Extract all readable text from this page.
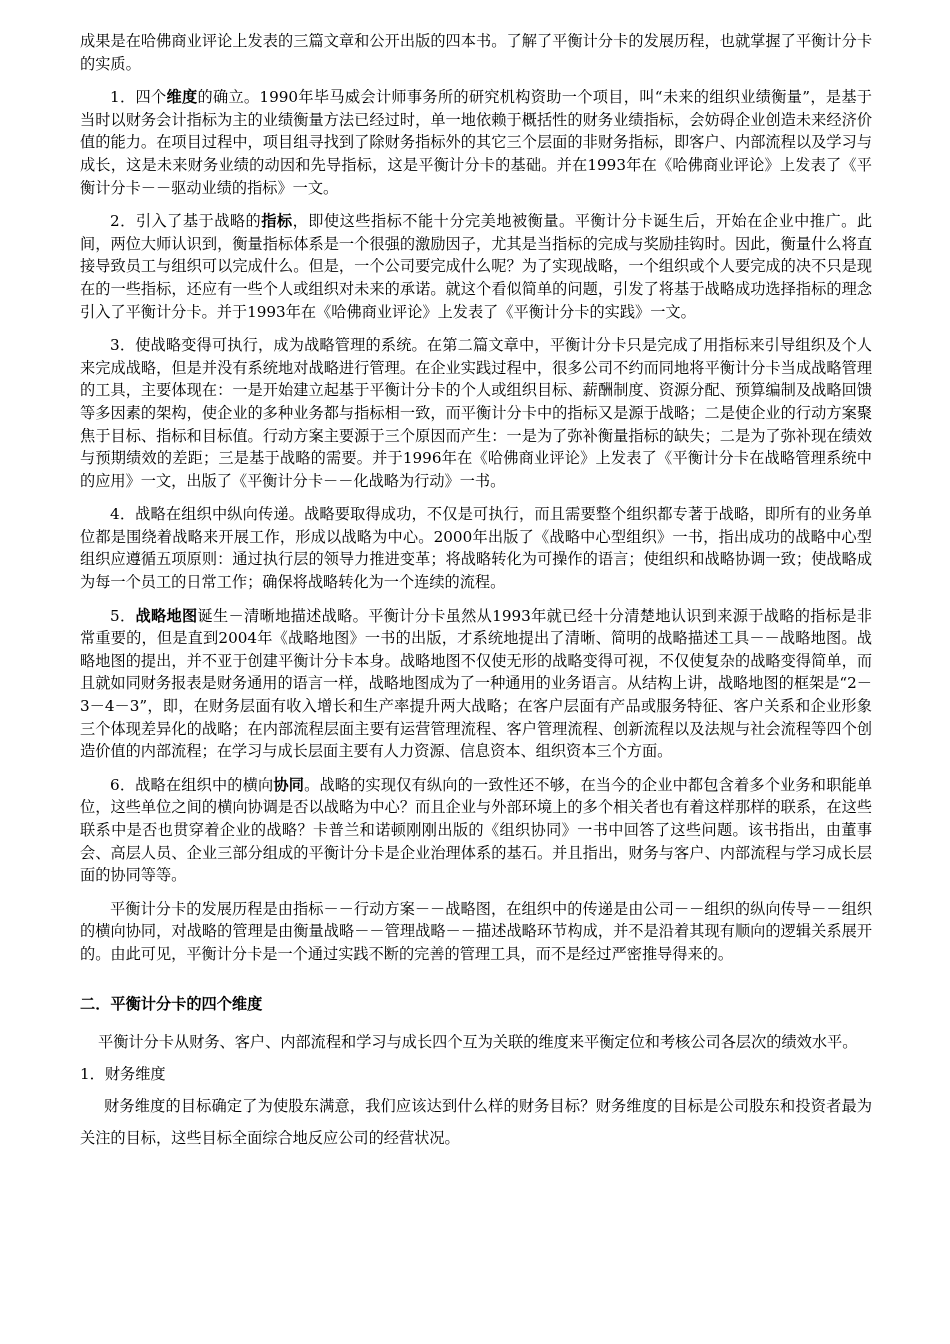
成果是在哈佛商业评论上发表的三篇文章和公开出版的四本书。了解了平衡计分卡的发展历程，也就掌握了平衡计分卡的实质。

1．四个维度的确立。1990年毕马威会计师事务所的研究机构资助一个项目，叫“未来的组织业绩衡量”，是基于当时以财务会计指标为主的业绩衡量方法已经过时，单一地依赖于概括性的财务业绩指标，会妨碍企业创造未来经济价值的能力。在项目过程中，项目组寻找到了除财务指标外的其它三个层面的非财务指标，即客户、内部流程以及学习与成长，这是未来财务业绩的动因和先导指标，这是平衡计分卡的基础。并在1993年在《哈佛商业评论》上发表了《平衡计分卡－－驱动业绩的指标》一文。

2．引入了基于战略的指标，即使这些指标不能十分完美地被衡量。平衡计分卡诞生后，开始在企业中推广。此间，两位大师认识到，衡量指标体系是一个很强的激励因子，尤其是当指标的完成与奖励挂钩时。因此，衡量什么将直接导致员工与组织可以完成什么。但是，一个公司要完成什么呢？为了实现战略，一个组织或个人要完成的决不只是现在的一些指标，还应有一些个人或组织对未来的承诺。就这个看似简单的问题，引发了将基于战略成功选择指标的理念引入了平衡计分卡。并于1993年在《哈佛商业评论》上发表了《平衡计分卡的实践》一文。

3．使战略变得可执行，成为战略管理的系统。在第二篇文章中，平衡计分卡只是完成了用指标来引导组织及个人来完成战略，但是并没有系统地对战略进行管理。在企业实践过程中，很多公司不约而同地将平衡计分卡当成战略管理的工具，主要体现在：一是开始建立起基于平衡计分卡的个人或组织目标、薪酬制度、资源分配、预算编制及战略回馈等多因素的架构，使企业的多种业务都与指标相一致，而平衡计分卡中的指标又是源于战略；二是使企业的行动方案聚焦于目标、指标和目标值。行动方案主要源于三个原因而产生：一是为了弥补衡量指标的缺失；二是为了弥补现在绩效与预期绩效的差距；三是基于战略的需要。并于1996年在《哈佛商业评论》上发表了《平衡计分卡在战略管理系统中的应用》一文，出版了《平衡计分卡－－化战略为行动》一书。

4．战略在组织中纵向传递。战略要取得成功，不仅是可执行，而且需要整个组织都专著于战略，即所有的业务单位都是围绕着战略来开展工作，形成以战略为中心。2000年出版了《战略中心型组织》一书，指出成功的战略中心型组织应遵循五项原则：通过执行层的领导力推进变革；将战略转化为可操作的语言；使组织和战略协调一致；使战略成为每一个员工的日常工作；确保将战略转化为一个连续的流程。

5．战略地图诞生－清晰地描述战略。平衡计分卡虽然从1993年就已经十分清楚地认识到来源于战略的指标是非常重要的，但是直到2004年《战略地图》一书的出版，才系统地提出了清晰、简明的战略描述工具－－战略地图。战略地图的提出，并不亚于创建平衡计分卡本身。战略地图不仅使无形的战略变得可视，不仅使复杂的战略变得简单，而且就如同财务报表是财务通用的语言一样，战略地图成为了一种通用的业务语言。从结构上讲，战略地图的框架是“2－3－4－3”，即，在财务层面有收入增长和生产率提升两大战略；在客户层面有产品或服务特征、客户关系和企业形象三个体现差异化的战略；在内部流程层面主要有运营管理流程、客户管理流程、创新流程以及法规与社会流程等四个创造价值的内部流程；在学习与成长层面主要有人力资源、信息资本、组织资本三个方面。

6．战略在组织中的横向协同。战略的实现仅有纵向的一致性还不够，在当今的企业中都包含着多个业务和职能单位，这些单位之间的横向协调是否以战略为中心？而且企业与外部环境上的多个相关者也有着这样那样的联系，在这些联系中是否也贯穿着企业的战略？卡普兰和诺顿刚刚出版的《组织协同》一书中回答了这些问题。该书指出，由董事会、高层人员、企业三部分组成的平衡计分卡是企业治理体系的基石。并且指出，财务与客户、内部流程与学习成长层面的协同等等。

平衡计分卡的发展历程是由指标－－行动方案－－战略图，在组织中的传递是由公司－－组织的纵向传导－－组织的横向协同，对战略的管理是由衡量战略－－管理战略－－描述战略环节构成，并不是沿着其现有顺向的逻辑关系展开的。由此可见，平衡计分卡是一个通过实践不断的完善的管理工具，而不是经过严密推导得来的。

二．平衡计分卡的四个维度

平衡计分卡从财务、客户、内部流程和学习与成长四个互为关联的维度来平衡定位和考核公司各层次的绩效水平。

1．财务维度

财务维度的目标确定了为使股东满意，我们应该达到什么样的财务目标？财务维度的目标是公司股东和投资者最为关注的目标，这些目标全面综合地反应公司的经营状况。
